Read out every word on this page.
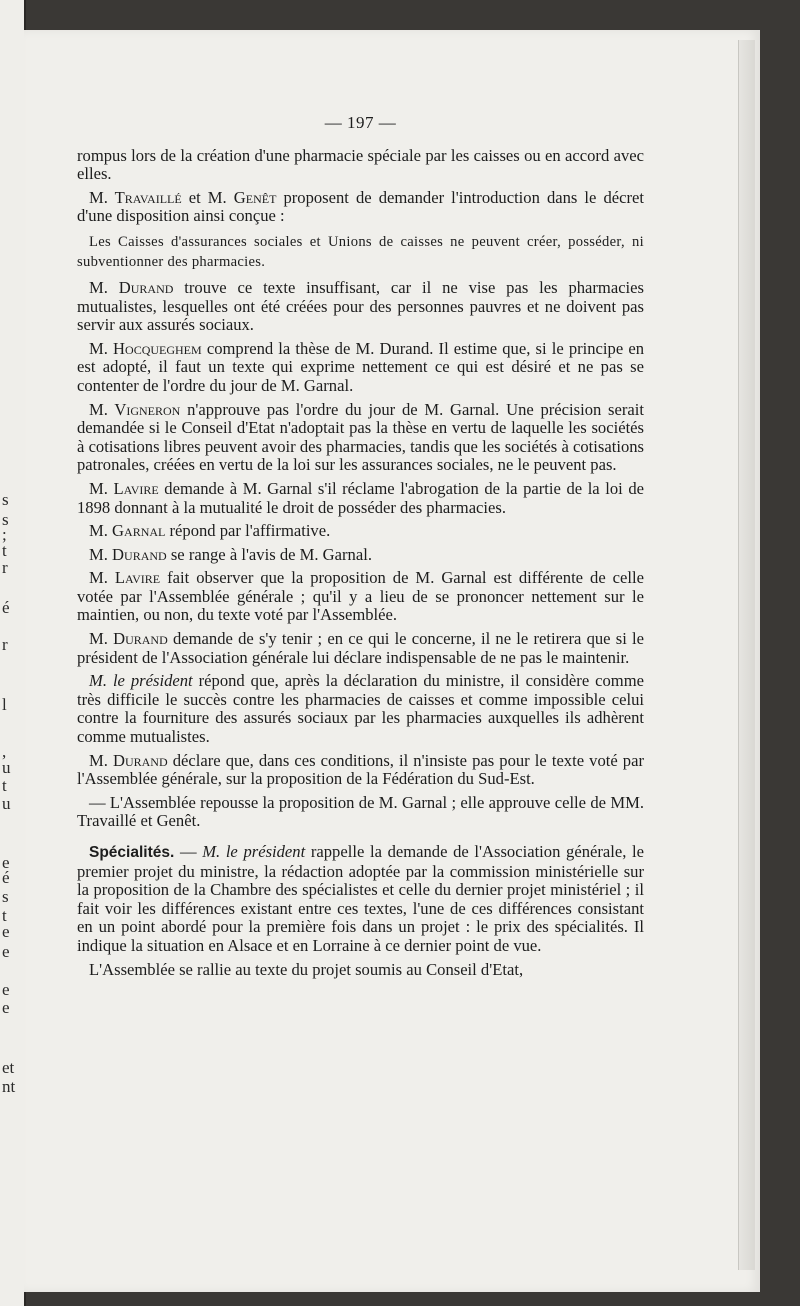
s
s
;
t
r
é
r
l
,
u
t
u
e
é
s
t
e
e
e
e
et
nt
— 197 —

rompus lors de la création d'une pharmacie spéciale par les caisses ou en accord avec elles.

M. Travaillé et M. Genêt proposent de demander l'introduction dans le décret d'une disposition ainsi conçue :

Les Caisses d'assurances sociales et Unions de caisses ne peuvent créer, posséder, ni subventionner des pharmacies.

M. Durand trouve ce texte insuffisant, car il ne vise pas les pharmacies mutualistes, lesquelles ont été créées pour des personnes pauvres et ne doivent pas servir aux assurés sociaux.

M. Hocqueghem comprend la thèse de M. Durand. Il estime que, si le principe en est adopté, il faut un texte qui exprime nettement ce qui est désiré et ne pas se contenter de l'ordre du jour de M. Garnal.

M. Vigneron n'approuve pas l'ordre du jour de M. Garnal. Une précision serait demandée si le Conseil d'Etat n'adoptait pas la thèse en vertu de laquelle les sociétés à cotisations libres peuvent avoir des pharmacies, tandis que les sociétés à cotisations patronales, créées en vertu de la loi sur les assurances sociales, ne le peuvent pas.

M. Lavire demande à M. Garnal s'il réclame l'abrogation de la partie de la loi de 1898 donnant à la mutualité le droit de posséder des pharmacies.

M. Garnal répond par l'affirmative.

M. Durand se range à l'avis de M. Garnal.

M. Lavire fait observer que la proposition de M. Garnal est différente de celle votée par l'Assemblée générale ; qu'il y a lieu de se prononcer nettement sur le maintien, ou non, du texte voté par l'Assemblée.

M. Durand demande de s'y tenir ; en ce qui le concerne, il ne le retirera que si le président de l'Association générale lui déclare indispensable de ne pas le maintenir.

M. le président répond que, après la déclaration du ministre, il considère comme très difficile le succès contre les pharmacies de caisses et comme impossible celui contre la fourniture des assurés sociaux par les pharmacies auxquelles ils adhèrent comme mutualistes.

M. Durand déclare que, dans ces conditions, il n'insiste pas pour le texte voté par l'Assemblée générale, sur la proposition de la Fédération du Sud-Est.

— L'Assemblée repousse la proposition de M. Garnal ; elle approuve celle de MM. Travaillé et Genêt.

Spécialités. — M. le président rappelle la demande de l'Association générale, le premier projet du ministre, la rédaction adoptée par la commission ministérielle sur la proposition de la Chambre des spécialistes et celle du dernier projet ministériel ; il fait voir les différences existant entre ces textes, l'une de ces différences consistant en un point abordé pour la première fois dans un projet : le prix des spécialités. Il indique la situation en Alsace et en Lorraine à ce dernier point de vue.

L'Assemblée se rallie au texte du projet soumis au Conseil d'Etat,
